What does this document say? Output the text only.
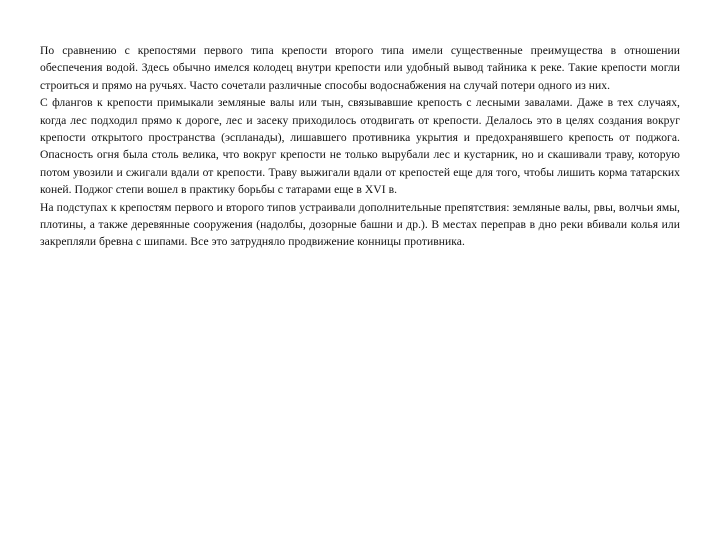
По сравнению с крепостями первого типа крепости второго типа имели существенные преимущества в отношении обеспечения водой. Здесь обычно имелся колодец внутри крепости или удобный вывод тайника к реке. Такие крепости могли строиться и прямо на ручьях. Часто сочетали различные способы водоснабжения на случай потери одного из них.

С флангов к крепости примыкали земляные валы или тын, связывавшие крепость с лесными завалами. Даже в тех случаях, когда лес подходил прямо к дороге, лес и засеку приходилось отодвигать от крепости. Делалось это в целях создания вокруг крепости открытого пространства (эспланады), лишавшего противника укрытия и предохранявшего крепость от поджога. Опасность огня была столь велика, что вокруг крепости не только вырубали лес и кустарник, но и скашивали траву, которую потом увозили и сжигали вдали от крепости. Траву выжигали вдали от крепостей еще для того, чтобы лишить корма татарских коней. Поджог степи вошел в практику борьбы с татарами еще в XVI в.

На подступах к крепостям первого и второго типов устраивали дополнительные препятствия: земляные валы, рвы, волчьи ямы, плотины, а также деревянные сооружения (надолбы, дозорные башни и др.). В местах переправ в дно реки вбивали колья или закрепляли бревна с шипами. Все это затрудняло продвижение конницы противника.
